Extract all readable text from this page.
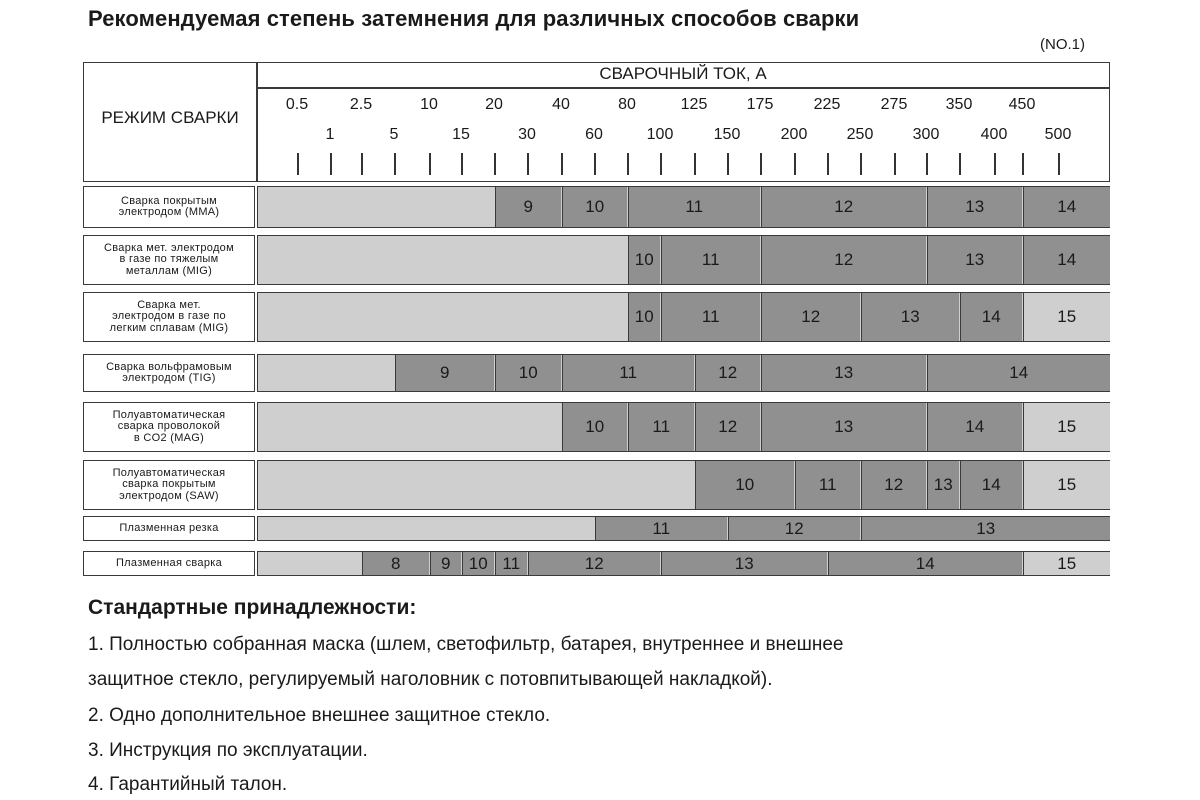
Рекомендуемая степень затемнения для различных способов сварки
(NO.1)
РЕЖИМ СВАРКИ
СВАРОЧНЫЙ ТОК, А
0.5	2.5	10	20	40	80	125 175	225	275 350 450
1	5	15	30	60	100	150	200 250 300	400 500
Сварка покрытым
электродом (MMA)	9	10	11	12	13	14
Сварка мет. электродом
в газе по тяжелым
металлам (MIG)
10	11	12	13	14
Сварка мет.
электродом в газе по
легким сплавам (MIG)
10	11	12	13	14	15
Сварка вольфрамовым
электродом (TIG)	9	10	11	12	13	14
Полуавтоматическая
сварка проволокой
в CO2 (MAG)
10	11	12	13	14	15
Полуавтоматическая
сварка покрытым
электродом (SAW)
10	11	12	13	14	15
Плазменная резка	11	12	13
Плазменная сварка	8	9	10 11	12	13	14	15
Стандартные принадлежности:
1. Полностью собранная маска (шлем, светофильтр, батарея, внутреннее и внешнее
защитное стекло, регулируемый наголовник с потовпитывающей накладкой).
2. Одно дополнительное внешнее защитное стекло.
3. Инструкция по эксплуатации.
4. Гарантийный талон.
